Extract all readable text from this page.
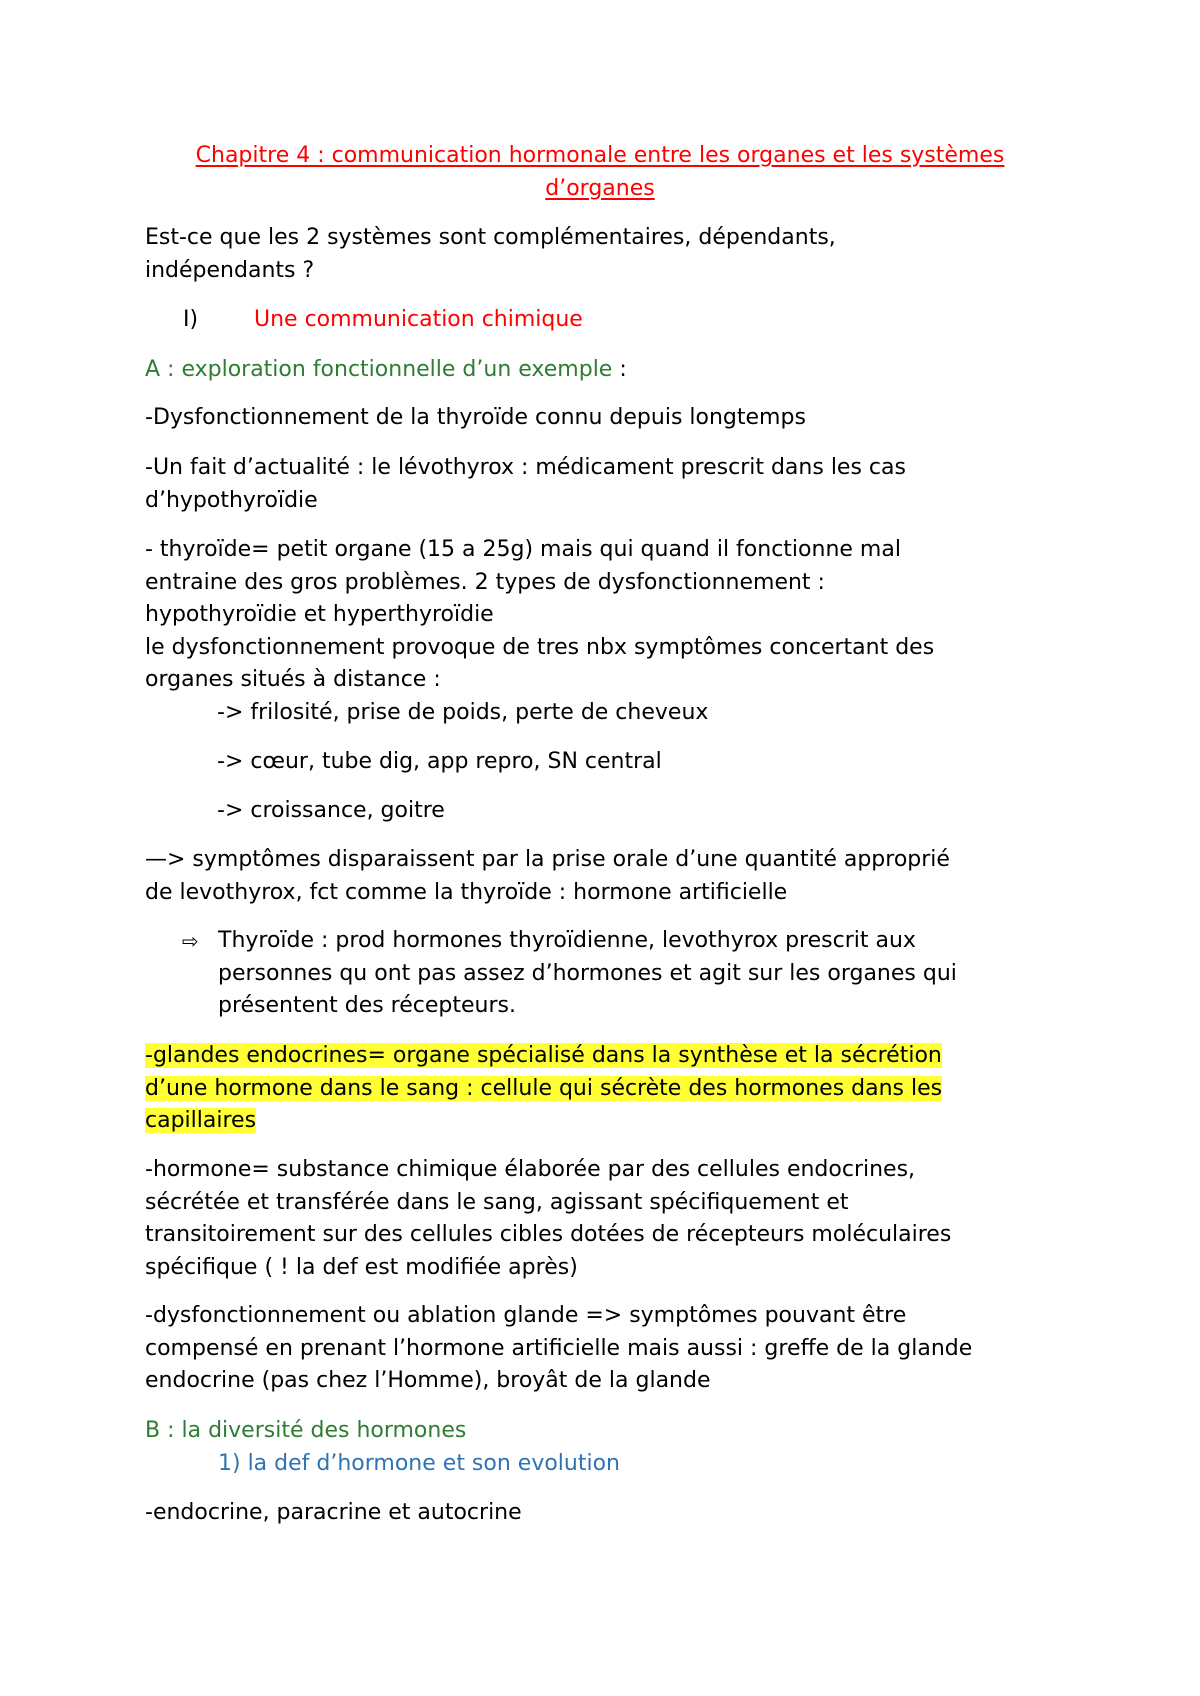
Chapitre 4 : communication hormonale entre les organes et les systèmes
d’organes
Est-ce que les 2 systèmes sont complémentaires, dépendants,
indépendants ?
I)	Une communication chimique
A : exploration fonctionnelle d’un exemple :
-Dysfonctionnement de la thyroïde connu depuis longtemps
-Un fait d’actualité : le lévothyrox : médicament prescrit dans les cas
d’hypothyroïdie
- thyroïde= petit organe (15 a 25g) mais qui quand il fonctionne mal
entraine des gros problèmes. 2 types de dysfonctionnement :
hypothyroïdie et hyperthyroïdie
le dysfonctionnement provoque de tres nbx symptômes concertant des
organes situés à distance :
-> frilosité, prise de poids, perte de cheveux
-> cœur, tube dig, app repro, SN central
-> croissance, goitre
—> symptômes disparaissent par la prise orale d’une quantité approprié
de levothyrox, fct comme la thyroïde : hormone artificielle
⇨ Thyroïde : prod hormones thyroïdienne, levothyrox prescrit aux
personnes qu ont pas assez d’hormones et agit sur les organes qui
présentent des récepteurs.
-glandes endocrines= organe spécialisé dans la synthèse et la sécrétion
d’une hormone dans le sang : cellule qui sécrète des hormones dans les
capillaires
-hormone= substance chimique élaborée par des cellules endocrines,
sécrétée et transférée dans le sang, agissant spécifiquement et
transitoirement sur des cellules cibles dotées de récepteurs moléculaires
spécifique ( ! la def est modifiée après)
-dysfonctionnement ou ablation glande => symptômes pouvant être
compensé en prenant l’hormone artificielle mais aussi : greffe de la glande
endocrine (pas chez l’Homme), broyât de la glande
B : la diversité des hormones
1) la def d’hormone et son evolution
-endocrine, paracrine et autocrine
